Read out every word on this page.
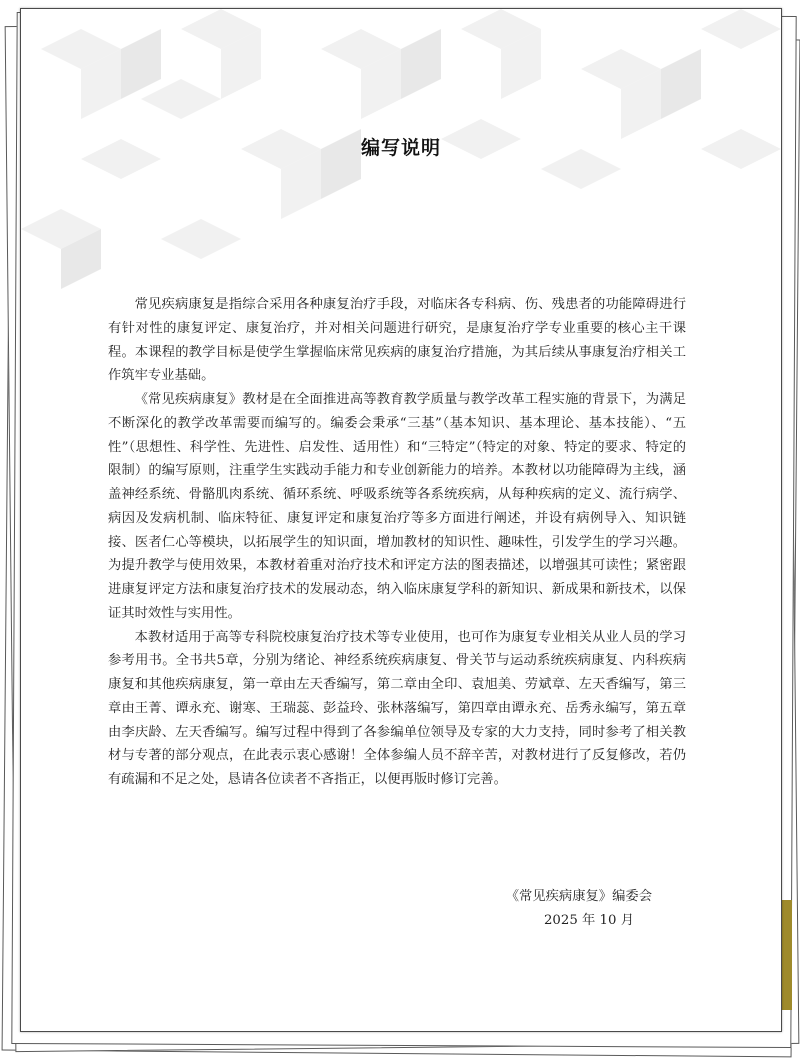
编写说明

常见疾病康复是指综合采用各种康复治疗手段，对临床各专科病、伤、残患者的功能障碍进行有针对性的康复评定、康复治疗，并对相关问题进行研究，是康复治疗学专业重要的核心主干课程。本课程的教学目标是使学生掌握临床常见疾病的康复治疗措施，为其后续从事康复治疗相关工作筑牢专业基础。

《常见疾病康复》教材是在全面推进高等教育教学质量与教学改革工程实施的背景下，为满足不断深化的教学改革需要而编写的。编委会秉承“三基”（基本知识、基本理论、基本技能）、“五性”（思想性、科学性、先进性、启发性、适用性）和“三特定”（特定的对象、特定的要求、特定的限制）的编写原则，注重学生实践动手能力和专业创新能力的培养。本教材以功能障碍为主线，涵盖神经系统、骨骼肌肉系统、循环系统、呼吸系统等各系统疾病，从每种疾病的定义、流行病学、病因及发病机制、临床特征、康复评定和康复治疗等多方面进行阐述，并设有病例导入、知识链接、医者仁心等模块，以拓展学生的知识面，增加教材的知识性、趣味性，引发学生的学习兴趣。为提升教学与使用效果，本教材着重对治疗技术和评定方法的图表描述，以增强其可读性；紧密跟进康复评定方法和康复治疗技术的发展动态，纳入临床康复学科的新知识、新成果和新技术，以保证其时效性与实用性。

本教材适用于高等专科院校康复治疗技术等专业使用，也可作为康复专业相关从业人员的学习参考用书。全书共5章，分别为绪论、神经系统疾病康复、骨关节与运动系统疾病康复、内科疾病康复和其他疾病康复，第一章由左天香编写，第二章由全印、袁旭美、劳斌章、左天香编写，第三章由王菁、谭永充、谢寒、王瑞蕊、彭益玲、张林落编写，第四章由谭永充、岳秀永编写，第五章由李庆龄、左天香编写。编写过程中得到了各参编单位领导及专家的大力支持，同时参考了相关教材与专著的部分观点，在此表示衷心感谢！全体参编人员不辞辛苦，对教材进行了反复修改，若仍有疏漏和不足之处，恳请各位读者不吝指正，以便再版时修订完善。

《常见疾病康复》编委会
2025 年 10 月
